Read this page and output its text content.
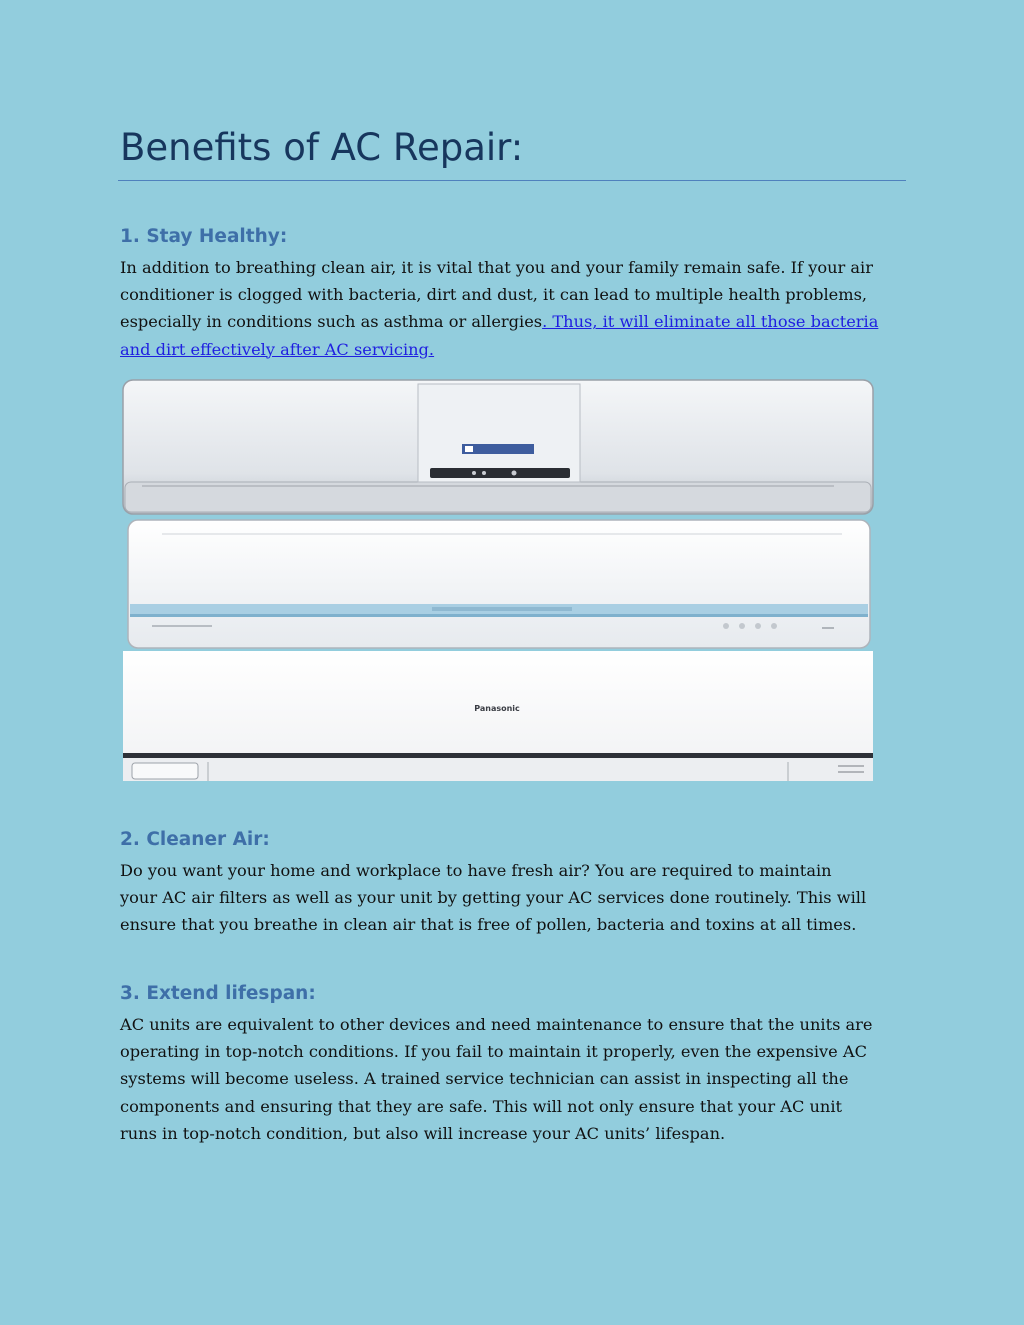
Benefits of AC Repair:
1. Stay Healthy:

In addition to breathing clean air, it is vital that you and your family remain safe. If your air
conditioner is clogged with bacteria, dirt and dust, it can lead to multiple health problems,
especially in conditions such as asthma or allergies. Thus, it will eliminate all those bacteria
and dirt effectively after AC servicing.

Panasonic
2. Cleaner Air:

Do you want your home and workplace to have fresh air? You are required to maintain
your AC air filters as well as your unit by getting your AC services done routinely. This will
ensure that you breathe in clean air that is free of pollen, bacteria and toxins at all times.

3. Extend lifespan:

AC units are equivalent to other devices and need maintenance to ensure that the units are
operating in top-notch conditions. If you fail to maintain it properly, even the expensive AC
systems will become useless. A trained service technician can assist in inspecting all the
components and ensuring that they are safe. This will not only ensure that your AC unit
runs in top-notch condition, but also will increase your AC units’ lifespan.
